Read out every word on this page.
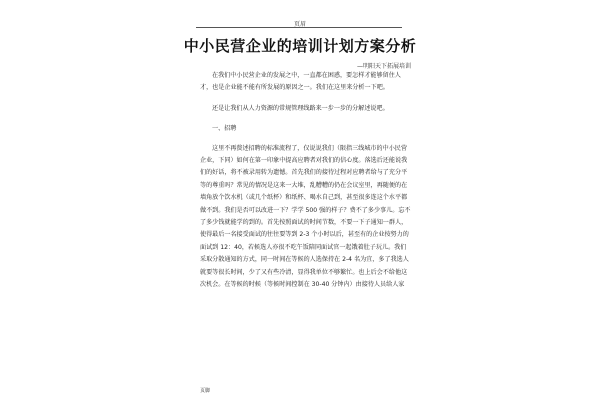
页眉
中小民营企业的培训计划方案分析
—明阳天下拓展培训

在我们中小民营企业的发展之中，一直都在困惑，要怎样才能够留住人才，也是企业能不能有所发展的原因之一。我们在这里来分析一下吧。

还是让我们从人力资源的常规管理线路来一步一步的分解述说吧。

一、招聘

这里不再赘述招聘的标准流程了，仅说说我们（限指三线城市的中小民营企业，下同）如何在第一印象中提高应聘者对我们的信心度。落选后还能说我们的好话，将不被录用转为遗憾。首先我们的接待过程对应聘者给与了充分平等的尊重吗？常见的情况是这来一大堆，乱糟糟的仍在会议室里，再随便的在墙角放个饮水机（或几个纸杯）和纸杯、喝水自己到，甚至很多连这个水平都做不到。我们是否可以改进一下？学学 500 强的样子？费不了多少事儿。忘不了多少钱就能学的到的。首先按照面试的时间节数，不要一下子通知一群人，使得最后一名接受面试的往往要等到 2-3 个小时以后，甚至有的企业按努力的面试到 12：40，若候选人亦很不吃午饭陪同面试官一起饿着肚子玩儿。我们采取分散通知的方式，同一时间在等候的人选保持在 2-4 名为宜，多了我选人就要等很长时间，少了又有些冷清，显得我单位不够繁忙。也上后会不给他这次机会。在等候的时候（等候时间控制在 30-40 分钟内）由接待人员给人家

页脚
